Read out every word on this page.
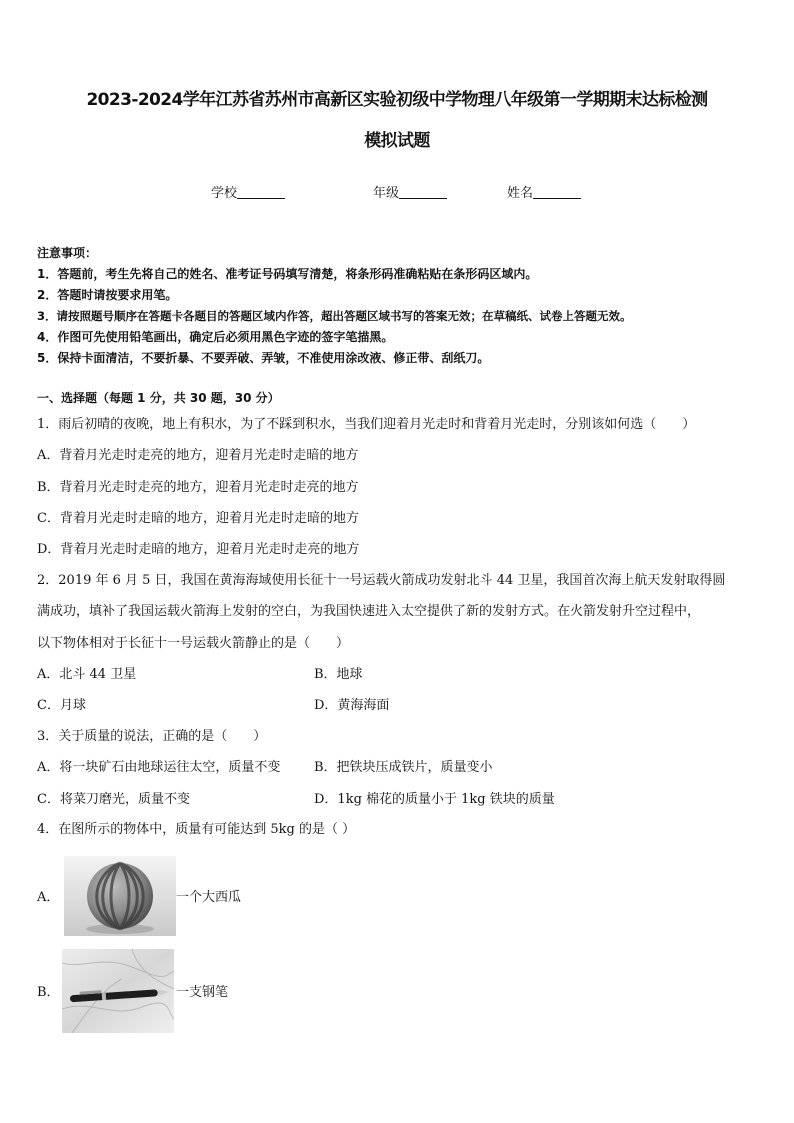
2023-2024学年江苏省苏州市高新区实验初级中学物理八年级第一学期期末达标检测
模拟试题
学校	年级	姓名
注意事项：
1．答题前，考生先将自己的姓名、准考证号码填写清楚，将条形码准确粘贴在条形码区域内。
2．答题时请按要求用笔。
3．请按照题号顺序在答题卡各题目的答题区域内作答，超出答题区域书写的答案无效；在草稿纸、试卷上答题无效。
4．作图可先使用铅笔画出，确定后必须用黑色字迹的签字笔描黑。
5．保持卡面清洁，不要折暴、不要弄破、弄皱，不准使用涂改液、修正带、刮纸刀。
一、选择题（每题 1 分，共 30 题，30 分）
1．雨后初晴的夜晚，地上有积水，为了不踩到积水，当我们迎着月光走时和背着月光走时，分别该如何选（　　）
A．背着月光走时走亮的地方，迎着月光走时走暗的地方
B．背着月光走时走亮的地方，迎着月光走时走亮的地方
C．背着月光走时走暗的地方，迎着月光走时走暗的地方
D．背着月光走时走暗的地方，迎着月光走时走亮的地方
2．2019 年 6 月 5 日，我国在黄海海域使用长征十一号运载火箭成功发射北斗 44 卫星，我国首次海上航天发射取得圆
满成功，填补了我国运载火箭海上发射的空白，为我国快速进入太空提供了新的发射方式。在火箭发射升空过程中，
以下物体相对于长征十一号运载火箭静止的是（　　）
A．北斗 44 卫星	B．地球
C．月球	D．黄海海面
3．关于质量的说法，正确的是（　　）
A．将一块矿石由地球运往太空，质量不变	B．把铁块压成铁片，质量变小
C．将菜刀磨光，质量不变	D．1kg 棉花的质量小于 1kg 铁块的质量
4．在图所示的物体中，质量有可能达到 5kg 的是（ ）
A．	一个大西瓜
B．	一支钢笔
